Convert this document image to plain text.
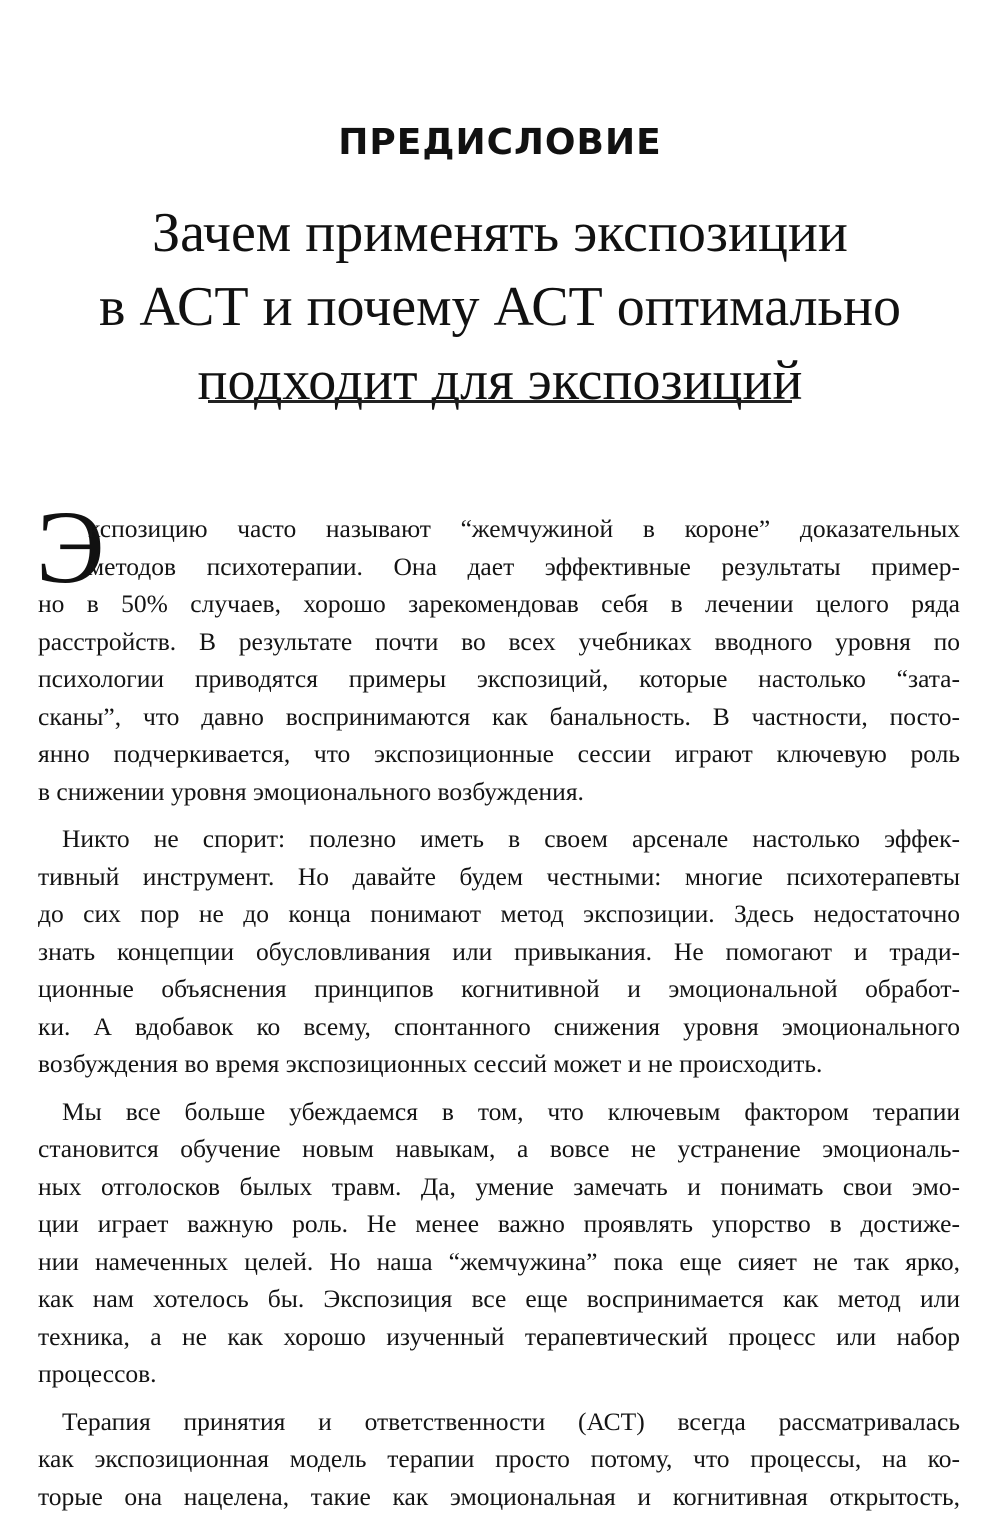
ПРЕДИСЛОВИЕ
Зачем применять экспозиции
в АСТ и почему АСТ оптимально
подходит для экспозиций
Э
кспозицию часто называют “жемчужиной в короне” доказательных
методов психотерапии. Она дает эффективные результаты пример-
но в 50% случаев, хорошо зарекомендовав себя в лечении целого ряда
расстройств. В результате почти во всех учебниках вводного уровня по
психологии приводятся примеры экспозиций, которые настолько “зата-
сканы”, что давно воспринимаются как банальность. В частности, посто-
янно подчеркивается, что экспозиционные сессии играют ключевую роль
в снижении уровня эмоционального возбуждения.
Никто не спорит: полезно иметь в своем арсенале настолько эффек-
тивный инструмент. Но давайте будем честными: многие психотерапевты
до сих пор не до конца понимают метод экспозиции. Здесь недостаточно
знать концепции обусловливания или привыкания. Не помогают и тради-
ционные объяснения принципов когнитивной и эмоциональной обработ-
ки. А вдобавок ко всему, спонтанного снижения уровня эмоционального
возбуждения во время экспозиционных сессий может и не происходить.
Мы все больше убеждаемся в том, что ключевым фактором терапии
становится обучение новым навыкам, а вовсе не устранение эмоциональ-
ных отголосков былых травм. Да, умение замечать и понимать свои эмо-
ции играет важную роль. Не менее важно проявлять упорство в достиже-
нии намеченных целей. Но наша “жемчужина” пока еще сияет не так ярко,
как нам хотелось бы. Экспозиция все еще воспринимается как метод или
техника, а не как хорошо изученный терапевтический процесс или набор
процессов.
Терапия принятия и ответственности (АСТ) всегда рассматривалась
как экспозиционная модель терапии просто потому, что процессы, на ко-
торые она нацелена, такие как эмоциональная и когнитивная открытость,
